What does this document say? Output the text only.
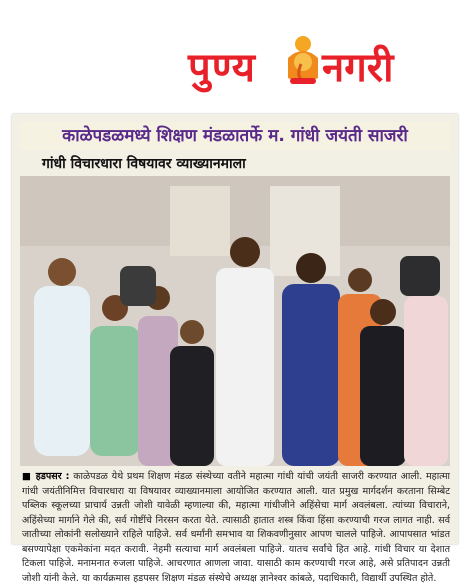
पुण्य नगरी
काळेपडळमध्ये शिक्षण मंडळातर्फे म. गांधी जयंती साजरी
गांधी विचारधारा विषयावर व्याख्यानमाला
■ हडपसर : काळेपडळ येथे प्रथम शिक्षण मंडळ संस्थेच्या वतीने महात्मा गांधी यांची जयंती साजरी करण्यात आली. महात्मा गांधी जयंतीनिमित्त विचारधारा या विषयावर व्याख्यानमाला आयोजित करण्यात आली. यात प्रमुख मार्गदर्शन करताना सिम्बेट पब्लिक स्कूलच्या प्राचार्य उन्नती जोशी यावेळी म्हणाल्या की, महात्मा गांधीजीने अहिंसेचा मार्ग अवलंबला. त्यांच्या विचाराने, अहिंसेच्या मार्गाने गेले की, सर्व गोष्टींचे निरसन करता येते. त्यासाठी हातात शस्त्र किंवा हिंसा करण्याची गरज लागत नाही. सर्व जातीच्या लोकांनी सलोख्याने राहिले पाहिजे. सर्व धर्मांनी समभाव या शिकवणीनुसार आपण चालले पाहिजे. आपापसात भांडत बसण्यापेक्षा एकमेकांना मदत करावी. नेहमी सत्याचा मार्ग अवलंबला पाहिजे. यातच सर्वांचे हित आहे. गांधी विचार या देशात टिकला पाहिजे. मनामनात रुजला पाहिजे. आचरणात आणला जावा. यासाठी काम करण्याची गरज आहे, असे प्रतिपादन उन्नती जोशी यांनी केले. या कार्यक्रमास हडपसर शिक्षण मंडळ संस्थेचे अध्यक्ष ज्ञानेश्वर कांबळे, पदाधिकारी, विद्यार्थी उपस्थित होते.
